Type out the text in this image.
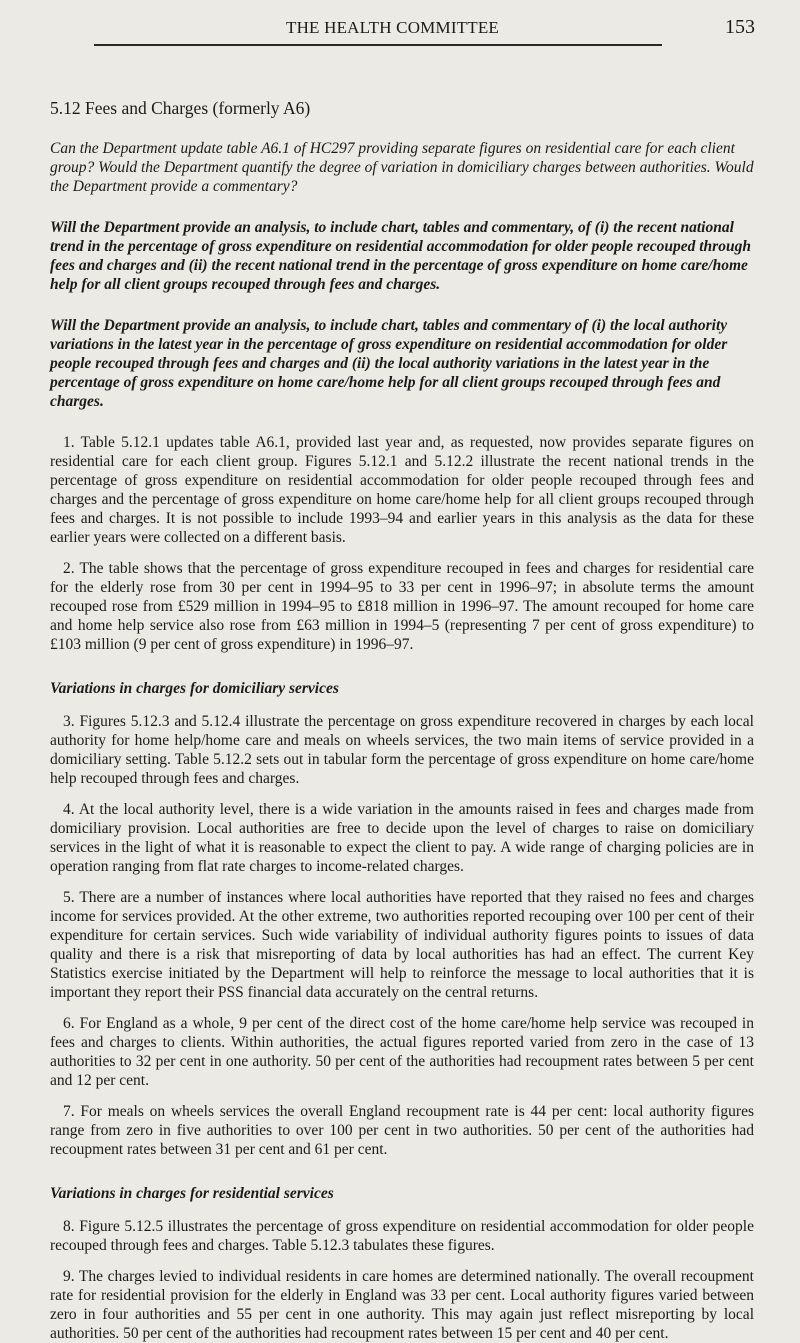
THE HEALTH COMMITTEE	153
5.12 Fees and Charges (formerly A6)

Can the Department update table A6.1 of HC297 providing separate figures on residential care for each client group? Would the Department quantify the degree of variation in domiciliary charges between authorities. Would the Department provide a commentary?

Will the Department provide an analysis, to include chart, tables and commentary, of (i) the recent national trend in the percentage of gross expenditure on residential accommodation for older people recouped through fees and charges and (ii) the recent national trend in the percentage of gross expenditure on home care/home help for all client groups recouped through fees and charges.

Will the Department provide an analysis, to include chart, tables and commentary of (i) the local authority variations in the latest year in the percentage of gross expenditure on residential accommodation for older people recouped through fees and charges and (ii) the local authority variations in the latest year in the percentage of gross expenditure on home care/home help for all client groups recouped through fees and charges.

1. Table 5.12.1 updates table A6.1, provided last year and, as requested, now provides separate figures on residential care for each client group. Figures 5.12.1 and 5.12.2 illustrate the recent national trends in the percentage of gross expenditure on residential accommodation for older people recouped through fees and charges and the percentage of gross expenditure on home care/home help for all client groups recouped through fees and charges. It is not possible to include 1993–94 and earlier years in this analysis as the data for these earlier years were collected on a different basis.

2. The table shows that the percentage of gross expenditure recouped in fees and charges for residential care for the elderly rose from 30 per cent in 1994–95 to 33 per cent in 1996–97; in absolute terms the amount recouped rose from £529 million in 1994–95 to £818 million in 1996–97. The amount recouped for home care and home help service also rose from £63 million in 1994–5 (representing 7 per cent of gross expenditure) to £103 million (9 per cent of gross expenditure) in 1996–97.

Variations in charges for domiciliary services

3. Figures 5.12.3 and 5.12.4 illustrate the percentage on gross expenditure recovered in charges by each local authority for home help/home care and meals on wheels services, the two main items of service provided in a domiciliary setting. Table 5.12.2 sets out in tabular form the percentage of gross expenditure on home care/home help recouped through fees and charges.

4. At the local authority level, there is a wide variation in the amounts raised in fees and charges made from domiciliary provision. Local authorities are free to decide upon the level of charges to raise on domiciliary services in the light of what it is reasonable to expect the client to pay. A wide range of charging policies are in operation ranging from flat rate charges to income-related charges.

5. There are a number of instances where local authorities have reported that they raised no fees and charges income for services provided. At the other extreme, two authorities reported recouping over 100 per cent of their expenditure for certain services. Such wide variability of individual authority figures points to issues of data quality and there is a risk that misreporting of data by local authorities has had an effect. The current Key Statistics exercise initiated by the Department will help to reinforce the message to local authorities that it is important they report their PSS financial data accurately on the central returns.

6. For England as a whole, 9 per cent of the direct cost of the home care/home help service was recouped in fees and charges to clients. Within authorities, the actual figures reported varied from zero in the case of 13 authorities to 32 per cent in one authority. 50 per cent of the authorities had recoupment rates between 5 per cent and 12 per cent.

7. For meals on wheels services the overall England recoupment rate is 44 per cent: local authority figures range from zero in five authorities to over 100 per cent in two authorities. 50 per cent of the authorities had recoupment rates between 31 per cent and 61 per cent.

Variations in charges for residential services

8. Figure 5.12.5 illustrates the percentage of gross expenditure on residential accommodation for older people recouped through fees and charges. Table 5.12.3 tabulates these figures.

9. The charges levied to individual residents in care homes are determined nationally. The overall recoupment rate for residential provision for the elderly in England was 33 per cent. Local authority figures varied between zero in four authorities and 55 per cent in one authority. This may again just reflect misreporting by local authorities. 50 per cent of the authorities had recoupment rates between 15 per cent and 40 per cent.
